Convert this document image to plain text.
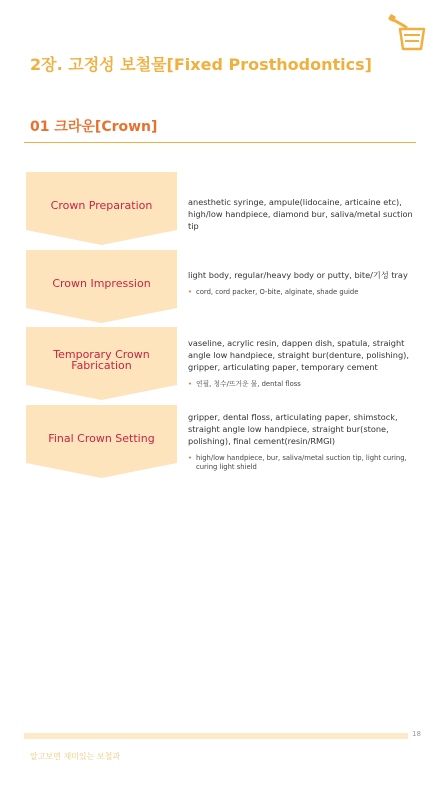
2장. 고정성 보철물[Fixed Prosthodontics]
01 크라운[Crown]
Crown Preparation	anesthetic syringe, ampule(lidocaine, articaine etc), high/low handpiece, diamond bur, saliva/metal suction tip

Crown Impression

light body, regular/heavy body or putty, bite/기성 tray

• cord, cord packer, O-bite, alginate, shade guide

Temporary Crown
Fabrication

vaseline, acrylic resin, dappen dish, spatula, straight angle low handpiece, straight bur(denture, polishing), gripper, articulating paper, temporary cement

• 연필, 청수/뜨거운 물, dental floss

Final Crown Setting

gripper, dental floss, articulating paper, shimstock, straight angle low handpiece, straight bur(stone, polishing), final cement(resin/RMGI)

• high/low handpiece, bur, saliva/metal suction tip, light curing, curing light shield

18
알고보면 재미있는 보철과
